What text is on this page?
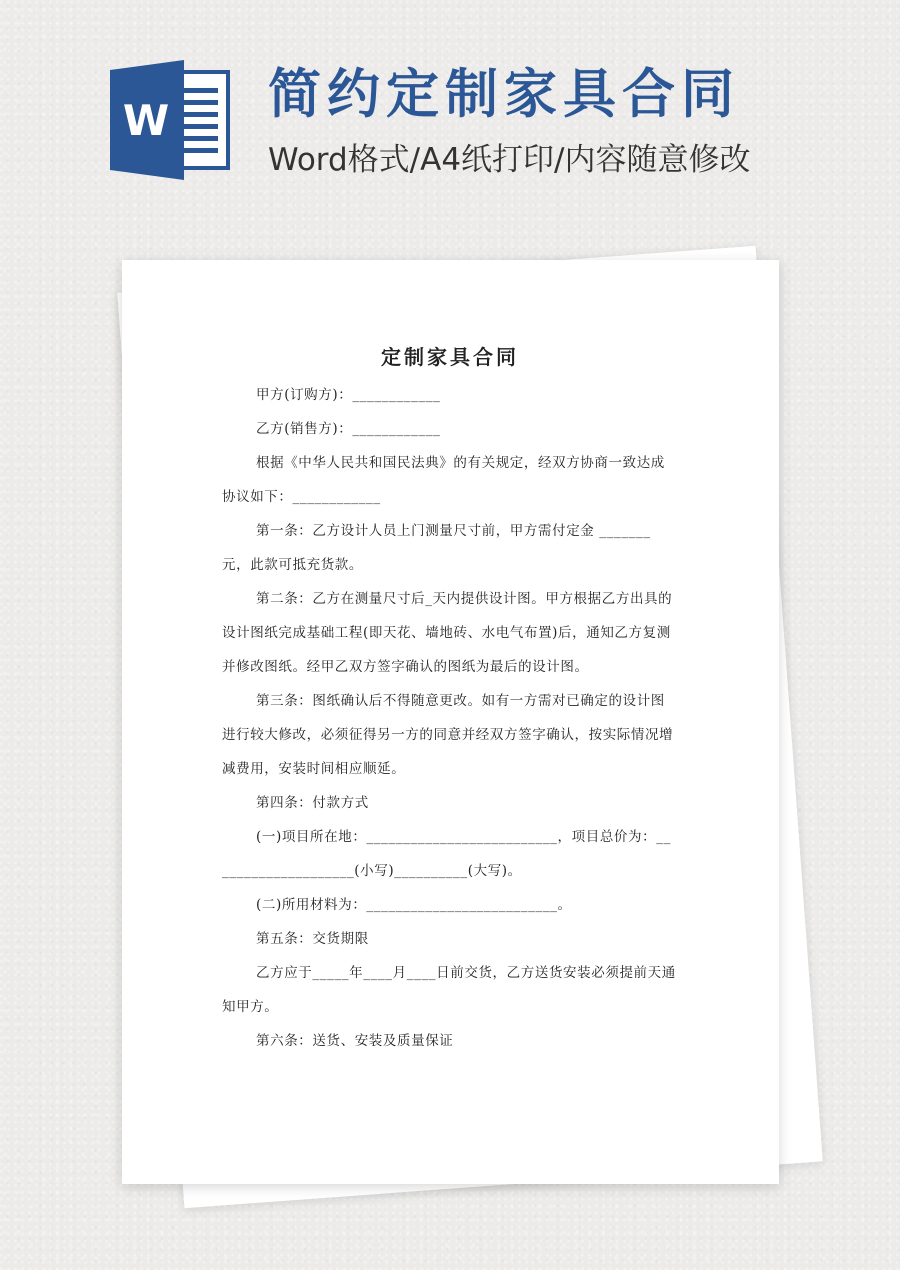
W 简约定制家具合同
Word格式/A4纸打印/内容随意修改
定制家具合同

甲方(订购方)：____________

乙方(销售方)：____________

根据《中华人民共和国民法典》的有关规定，经双方协商一致达成协议如下：____________

第一条：乙方设计人员上门测量尺寸前，甲方需付定金 _______元，此款可抵充货款。

第二条：乙方在测量尺寸后_天内提供设计图。甲方根据乙方出具的设计图纸完成基础工程(即天花、墙地砖、水电气布置)后，通知乙方复测并修改图纸。经甲乙双方签字确认的图纸为最后的设计图。

第三条：图纸确认后不得随意更改。如有一方需对已确定的设计图进行较大修改，必须征得另一方的同意并经双方签字确认，按实际情况增减费用，安装时间相应顺延。

第四条：付款方式

(一)项目所在地：__________________________，项目总价为：____________________(小写)__________(大写)。

(二)所用材料为：__________________________。

第五条：交货期限

乙方应于_____年____月____日前交货，乙方送货安装必须提前天通知甲方。

第六条：送货、安装及质量保证
